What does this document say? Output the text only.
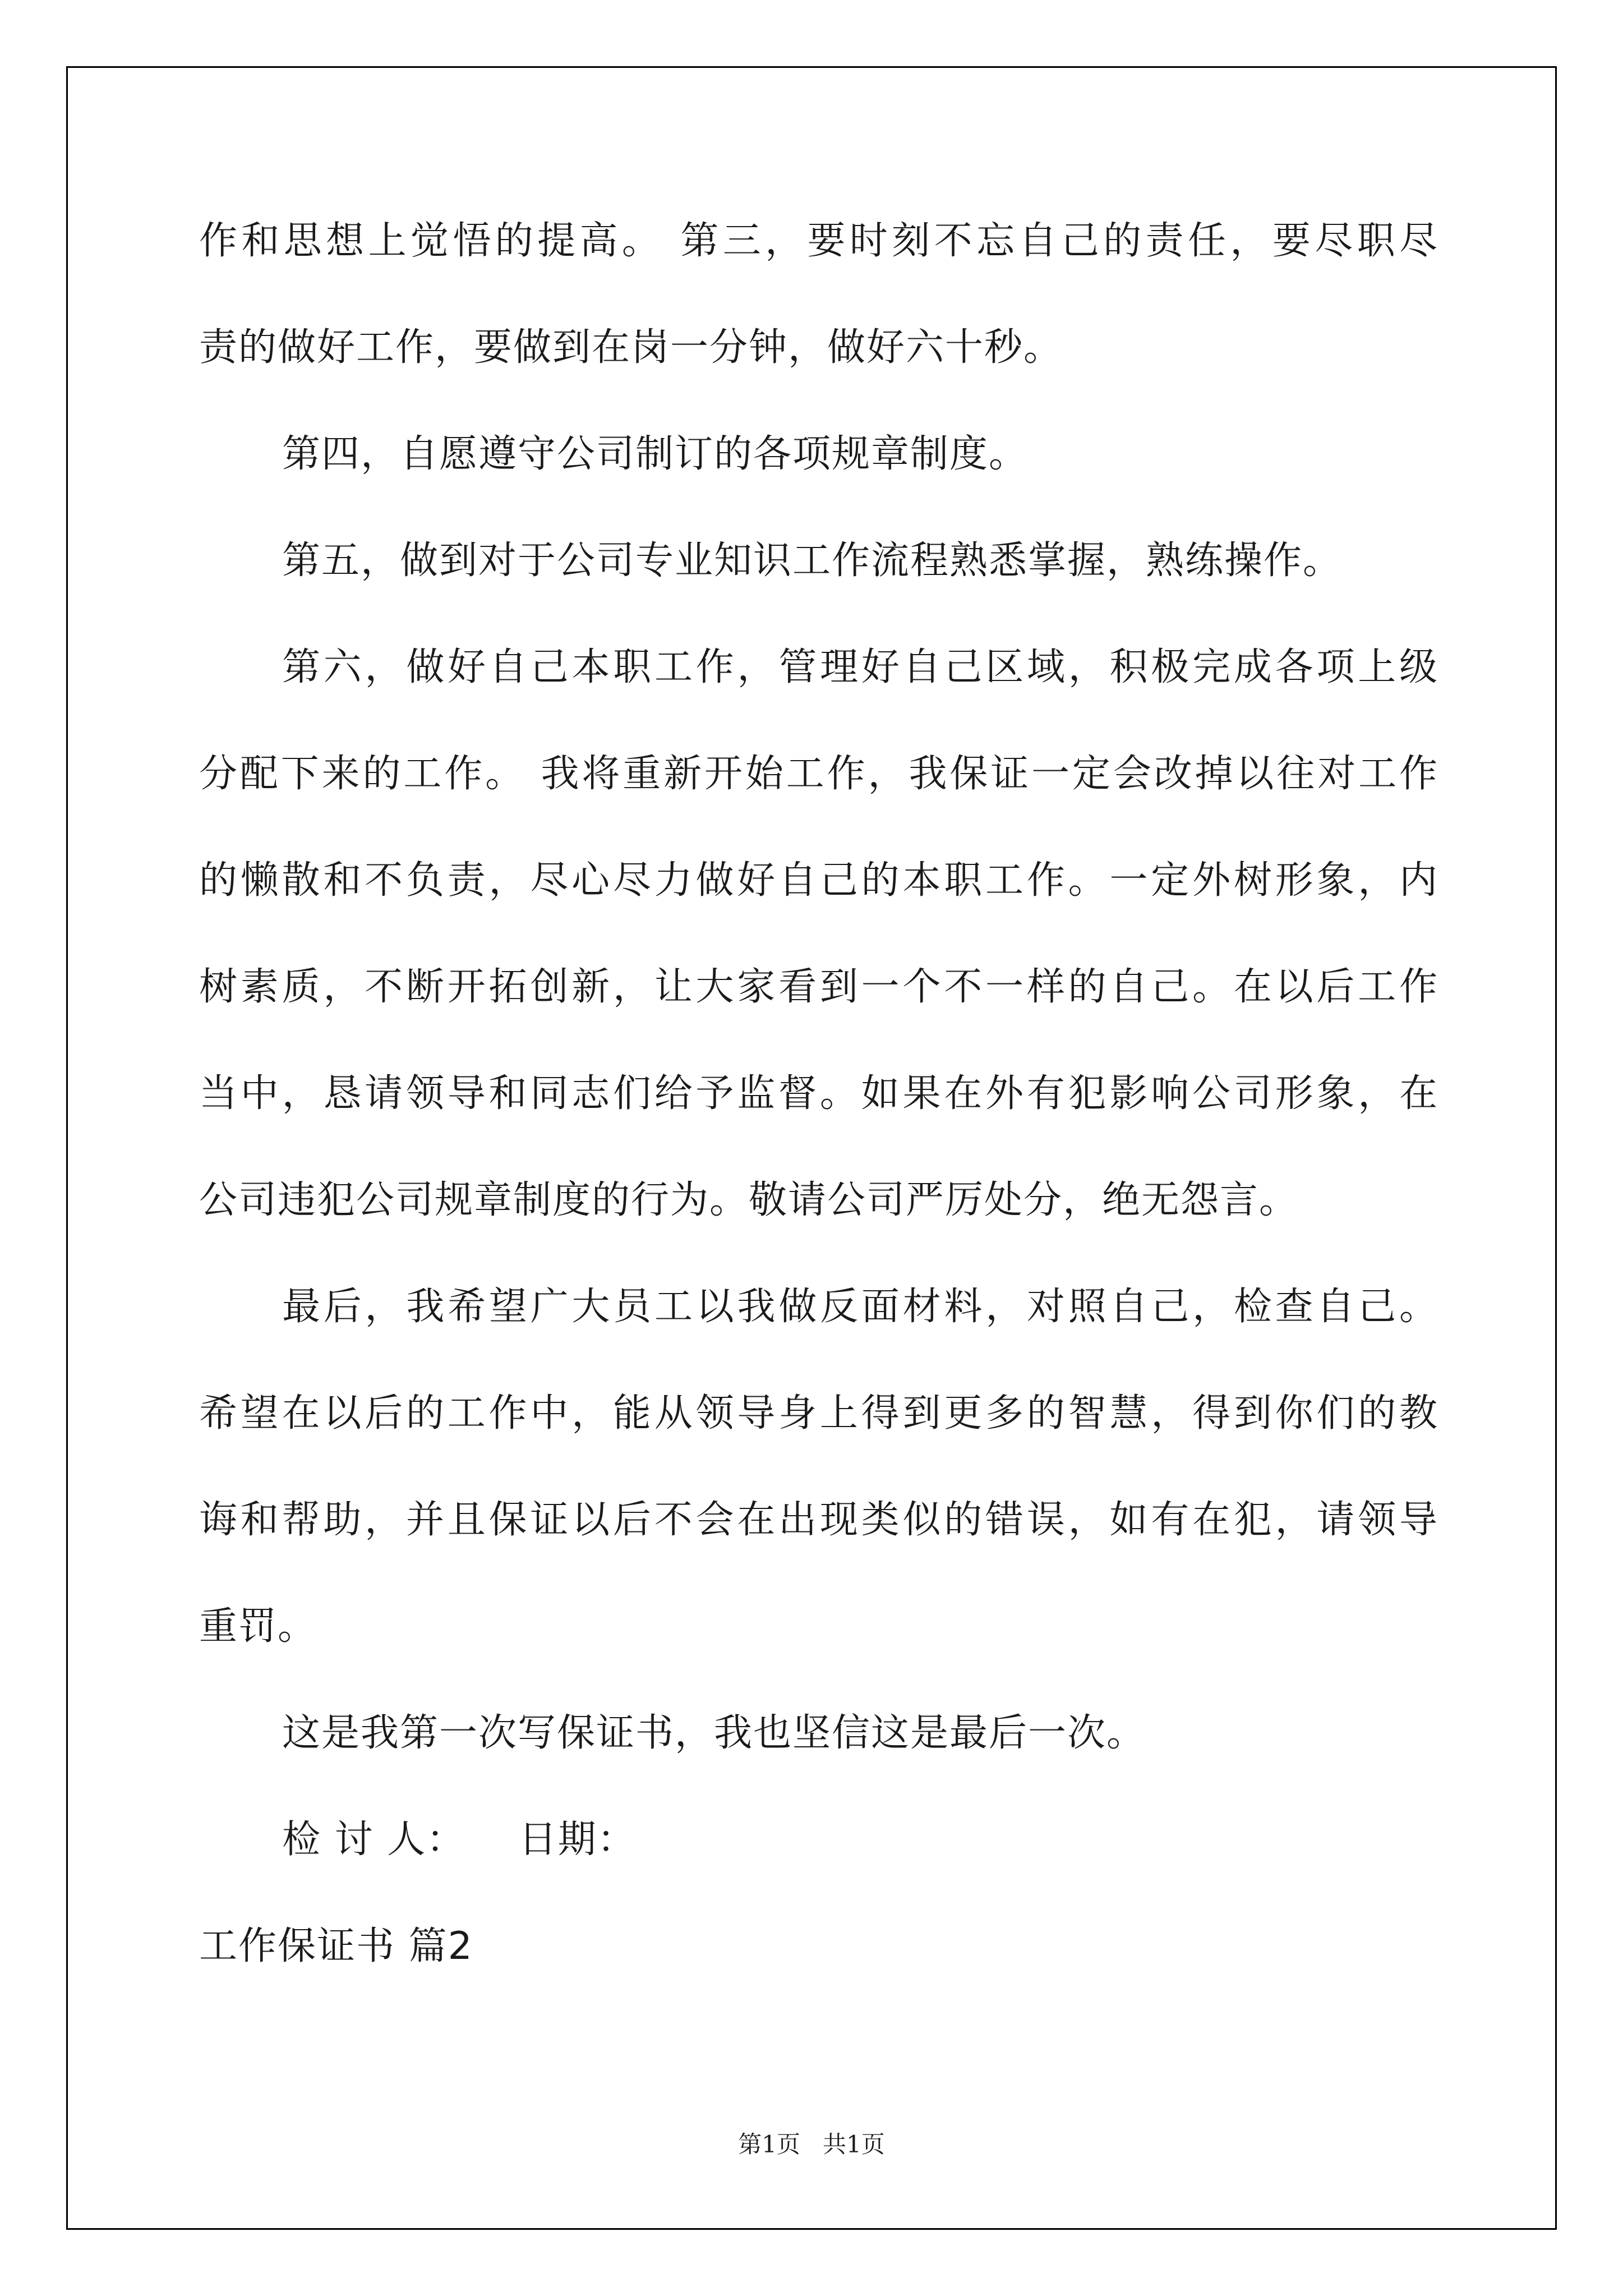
作和思想上觉悟的提高。 第三，要时刻不忘自己的责任，要尽职尽
责的做好工作，要做到在岗一分钟，做好六十秒。
第四，自愿遵守公司制订的各项规章制度。
第五，做到对于公司专业知识工作流程熟悉掌握，熟练操作。
第六，做好自己本职工作，管理好自己区域，积极完成各项上级
分配下来的工作。 我将重新开始工作，我保证一定会改掉以往对工作
的懒散和不负责，尽心尽力做好自己的本职工作。一定外树形象，内
树素质，不断开拓创新，让大家看到一个不一样的自己。在以后工作
当中，恳请领导和同志们给予监督。如果在外有犯影响公司形象，在
公司违犯公司规章制度的行为。敬请公司严厉处分，绝无怨言。
最后，我希望广大员工以我做反面材料，对照自己，检查自己。
希望在以后的工作中，能从领导身上得到更多的智慧，得到你们的教
诲和帮助，并且保证以后不会在出现类似的错误，如有在犯，请领导
重罚。
这是我第一次写保证书，我也坚信这是最后一次。
检 讨 人：    日期：
工作保证书 篇2
第1页   共1页
